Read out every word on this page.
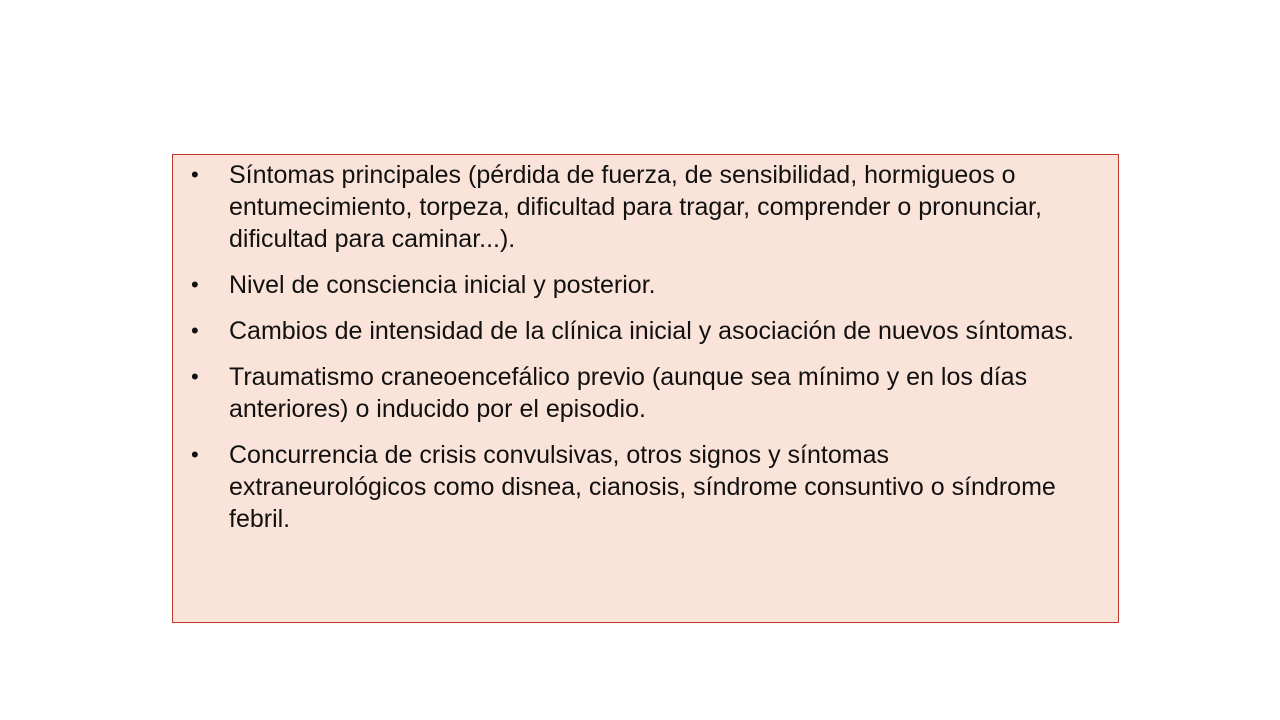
• Síntomas principales (pérdida de fuerza, de sensibilidad, hormigueos o entumecimiento, torpeza, dificultad para tragar, comprender o pronunciar, dificultad para caminar...).
• Nivel de consciencia inicial y posterior.
• Cambios de intensidad de la clínica inicial y asociación de nuevos síntomas.
• Traumatismo craneoencefálico previo (aunque sea mínimo y en los días anteriores) o inducido por el episodio.
• Concurrencia de crisis convulsivas, otros signos y síntomas extraneurológicos como disnea, cianosis, síndrome consuntivo o síndrome febril.
